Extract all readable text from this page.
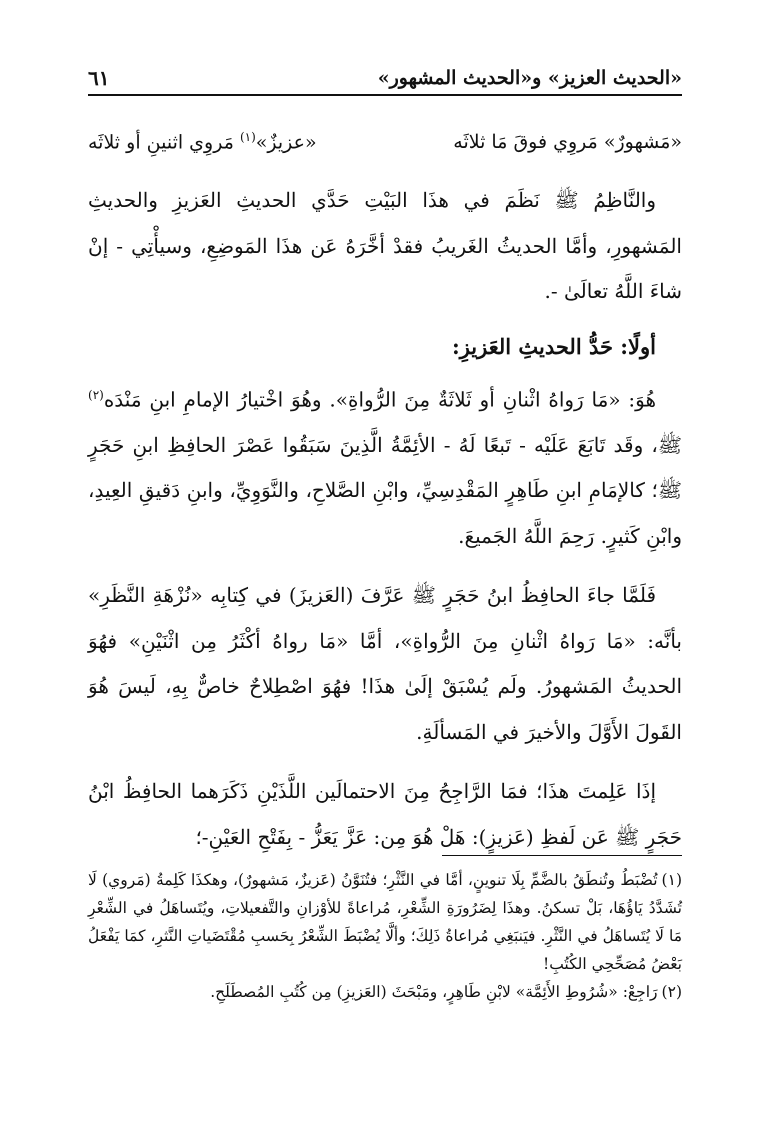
«الحديث العزيز» و«الحديث المشهور»
٦١
«مَشهورٌ» مَروِي فوقَ مَا ثلاثَه
«عزيزٌ»$^{(١)}$ مَروِي اثنينِ أو ثلاثَه

والنَّاظِمُ ﷺ نَظَمَ في هذَا البَيْتِ حَدَّي الحديثِ العَزيزِ والحديثِ المَشهورِ، وأمَّا الحديثُ الغَريبُ فقدْ أخَّرَهُ عَن هذَا المَوضِعِ، وسيأْتِي - إنْ شاءَ اللَّهُ تعالَىٰ -.

أولًا: حَدُّ الحديثِ العَزيزِ:

هُوَ: «مَا رَواهُ اثْنانِ أو ثَلاثَةٌ مِنَ الرُّواةِ». وهُوَ اخْتيارُ الإمامِ ابنِ مَنْدَه$^{(٢)}$ ﷺ، وقَد تَابَعَ عَلَيْه - تَبعًا لَهُ - الأئِمَّةُ الَّذِينَ سَبَقُوا عَصْرَ الحافِظِ ابنِ حَجَرٍ ﷺ؛ كالإمَامِ ابنِ طَاهِرٍ المَقْدِسِيِّ، وابْنِ الصَّلاحِ، والنَّوَوِيِّ، وابنِ دَقيقِ العِيدِ، وابْنِ كَثيرٍ. رَحِمَ اللَّهُ الجَميعَ.

فَلَمَّا جاءَ الحافِظُ ابنُ حَجَرٍ ﷺ عَرَّفَ (العَزيزَ) في كِتابِه «نُزْهَةِ النَّظَرِ» بأنَّه: «مَا رَواهُ اثْنانِ مِنَ الرُّواةِ»، أمَّا «مَا رواهُ أكْثَرُ مِن اثْنَيْنِ» فهُوَ الحديثُ المَشهورُ. ولَم يُسْبَقْ إلَىٰ هذَا! فهُوَ اصْطِلاحٌ خاصٌّ بِهِ، لَيسَ هُوَ القَولَ الأَوَّلَ والأخيرَ في المَسألَةِ.

إذَا عَلِمتَ هذَا؛ فمَا الرَّاجِحُ مِنَ الاحتمالَين اللَّذَيْنِ ذَكَرَهما الحافِظُ ابْنُ حَجَرٍ ﷺ عَن لَفظِ (عَزيزٍ): هَلْ هُوَ مِن: عَزَّ يَعَزُّ - بِفَتْحِ العَيْنِ-؛

(١)تُضْبَطُ وتُنطَقُ بالضَّمِّ بِلَا تنوينٍ، أمَّا في النَّثْرِ؛ فتُنَوَّنُ (عَزيزٌ، مَشهورٌ)، وهكذَا كَلِمةُ (مَروي) لَا تُشَدَّدُ يَاؤُهَا، بَلْ تسكنُ. وهذَا لِضَرُورَةِ الشِّعْرِ، مُراعاةً للأوْزانِ والتَّفعيلاتِ، ويُتَساهَلُ في الشِّعْرِ مَا لَا يُتَساهَلُ في النَّثْرِ. فيَنبَغِي مُراعاةُ ذَلِكَ؛ وألَّا يُضْبَطَ الشِّعْرُ بِحَسبِ مُقْتَضَياتِ النَّثرِ، كمَا يَفْعَلُ بَعْضُ مُصَحِّحِي الكُتُبِ!

(٢)رَاجِعْ: «شُرُوطِ الأَئِمَّة» لابْنِ طَاهِرٍ، ومَبْحَثَ (العَزيزِ) مِن كُتُبِ المُصطَلَحِ.
